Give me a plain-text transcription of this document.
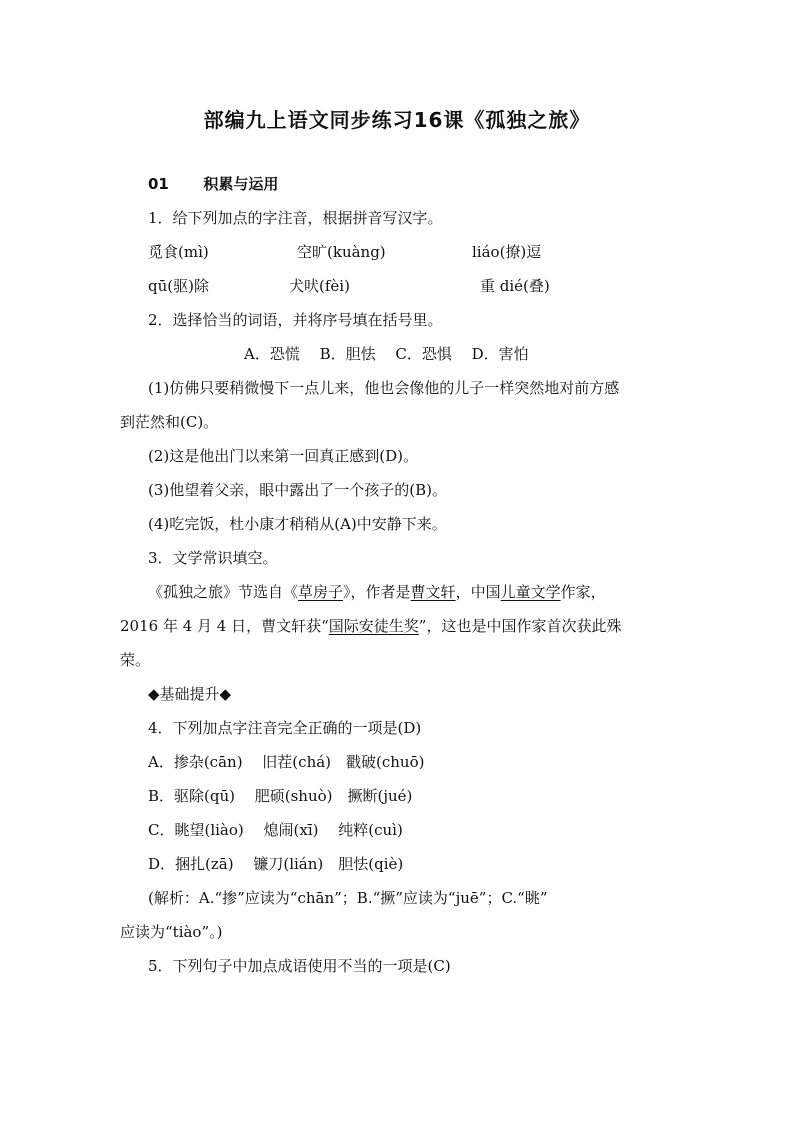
部编九上语文同步练习16课《孤独之旅》
01 积累与运用
1．给下列加点的字注音，根据拼音写汉字。
觅食(mì)	空旷(kuàng)	liáo(撩)逗
qū(驱)除	犬吠(fèi)	重 dié(叠)
2．选择恰当的词语，并将序号填在括号里。
A．恐慌　 B．胆怯　 C．恐惧　 D．害怕
(1)仿佛只要稍微慢下一点儿来，他也会像他的儿子一样突然地对前方感
到茫然和(C)。
(2)这是他出门以来第一回真正感到(D)。
(3)他望着父亲，眼中露出了一个孩子的(B)。
(4)吃完饭，杜小康才稍稍从(A)中安静下来。
3．文学常识填空。
《孤独之旅》节选自《草房子》，作者是曹文轩，中国儿童文学作家，
2016 年 4 月 4 日，曹文轩获“国际安徒生奖”，这也是中国作家首次获此殊
荣。
◆基础提升◆
4．下列加点字注音完全正确的一项是(D)
A．掺杂(cān)　 旧茬(chá)　戳破(chuō)
B．驱除(qū)　 肥硕(shuò)　撅断(jué)
C．眺望(liào)　 熄闹(xī)　 纯粹(cuì)
D．捆扎(zā)　 镰刀(lián)　胆怯(qiè)
(解析：A.“掺”应读为“chān”；B.“撅”应读为“juē”；C.“眺”
应读为“tiào”。)
5．下列句子中加点成语使用不当的一项是(C)
